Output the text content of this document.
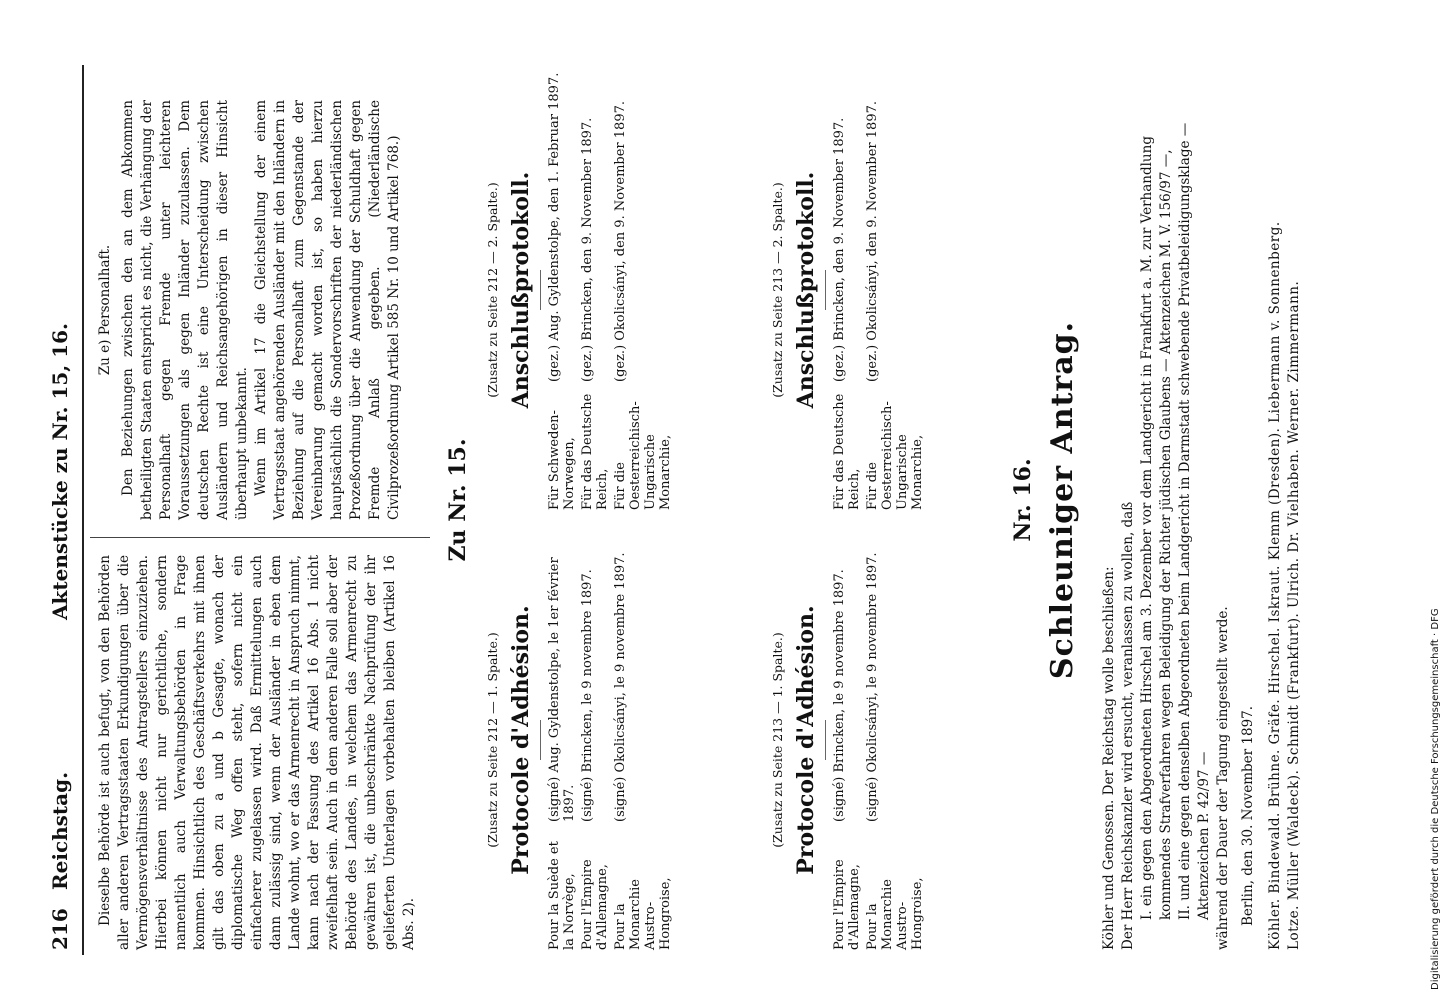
216
Reichstag.
Aktenstücke zu Nr. 15, 16.

Dieselbe Behörde ist auch befugt, von den Behörden aller anderen Vertragsstaaten Erkundigungen über die Vermögensverhältnisse des Antragstellers einzuziehen. Hierbei können nicht nur gerichtliche, sondern namentlich auch Verwaltungsbehörden in Frage kommen. Hinsichtlich des Geschäftsverkehrs mit ihnen gilt das oben zu a und b Gesagte, wonach der diplomatische Weg offen steht, sofern nicht ein einfacherer zugelassen wird. Daß Ermittelungen auch dann zulässig sind, wenn der Ausländer in eben dem Lande wohnt, wo er das Armenrecht in Anspruch nimmt, kann nach der Fassung des Artikel 16 Abs. 1 nicht zweifelhaft sein. Auch in dem anderen Falle soll aber der Behörde des Landes, in welchem das Armenrecht zu gewähren ist, die unbeschränkte Nachprüfung der ihr gelieferten Unterlagen vorbehalten bleiben (Artikel 16 Abs. 2).

Zu e) Personalhaft. Den Beziehungen zwischen den an dem Abkommen betheiligten Staaten entspricht es nicht, die Verhängung der Personalhaft gegen Fremde unter leichteren Voraussetzungen als gegen Inländer zuzulassen. Dem deutschen Rechte ist eine Unterscheidung zwischen Ausländern und Reichsangehörigen in dieser Hinsicht überhaupt unbekannt. Wenn im Artikel 17 die Gleichstellung der einem Vertragsstaat angehörenden Ausländer mit den Inländern in Beziehung auf die Personalhaft zum Gegenstande der Vereinbarung gemacht worden ist, so haben hierzu hauptsächlich die Sondervorschriften der niederländischen Prozeßordnung über die Anwendung der Schuldhaft gegen Fremde Anlaß gegeben. (Niederländische Civilprozeßordnung Artikel 585 Nr. 10 und Artikel 768.) Zu Nr. 15.
(Zusatz zu Seite 212 — 1. Spalte.) Protocole d'Adhésion.
Pour la Suède et la Norvège,
(signé) Aug. Gyldenstolpe, le 1er février 1897.
Pour l'Empire d'Allemagne,
(signé) Brincken, le 9 novembre 1897.
Pour la Monarchie Austro-Hongroise,
(signé) Okolicsányi, le 9 novembre 1897.
(Zusatz zu Seite 212 — 2. Spalte.) Anschlußprotokoll.
Für Schweden-Norwegen,
(gez.) Aug. Gyldenstolpe, den 1. Februar 1897.
Für das Deutsche Reich,
(gez.) Brincken, den 9. November 1897.
Für die Oesterreichisch-Ungarische Monarchie,
(gez.) Okolicsányi, den 9. November 1897.
(Zusatz zu Seite 213 — 1. Spalte.) Protocole d'Adhésion.
Pour l'Empire d'Allemagne,
(signé) Brincken, le 9 novembre 1897.
Pour la Monarchie Austro-Hongroise,
(signé) Okolicsányi, le 9 novembre 1897.
(Zusatz zu Seite 213 — 2. Spalte.) Anschlußprotokoll.
Für das Deutsche Reich,
(gez.) Brincken, den 9. November 1897.
Für die Oesterreichisch-Ungarische Monarchie,
(gez.) Okolicsányi, den 9. November 1897.
Nr. 16. Schleuniger Antrag.
Köhler und Genossen. Der Reichstag wolle beschließen: Der Herr Reichskanzler wird ersucht, veranlassen zu wollen, daß I. ein gegen den Abgeordneten Hirschel am 3. Dezember vor dem Landgericht in Frankfurt a. M. zur Verhandlung kommendes Strafverfahren wegen Beleidigung der Richter jüdischen Glaubens — Aktenzeichen M. V. 156/97 —, II. und eine gegen denselben Abgeordneten beim Landgericht in Darmstadt schwebende Privatbeleidigungsklage — Aktenzeichen P. 42/97 — während der Dauer der Tagung eingestellt werde. Berlin, den 30. November 1897. Köhler. Bindewald. Brühne. Gräfe. Hirschel. Iskraut. Klemm (Dresden). Liebermann v. Sonnenberg. Lotze. Müller (Waldeck). Schmidt (Frankfurt). Ulrich. Dr. Vielhaben. Werner. Zimmermann.	Digitalisierung gefördert durch die Deutsche Forschungsgemeinschaft · DFG
